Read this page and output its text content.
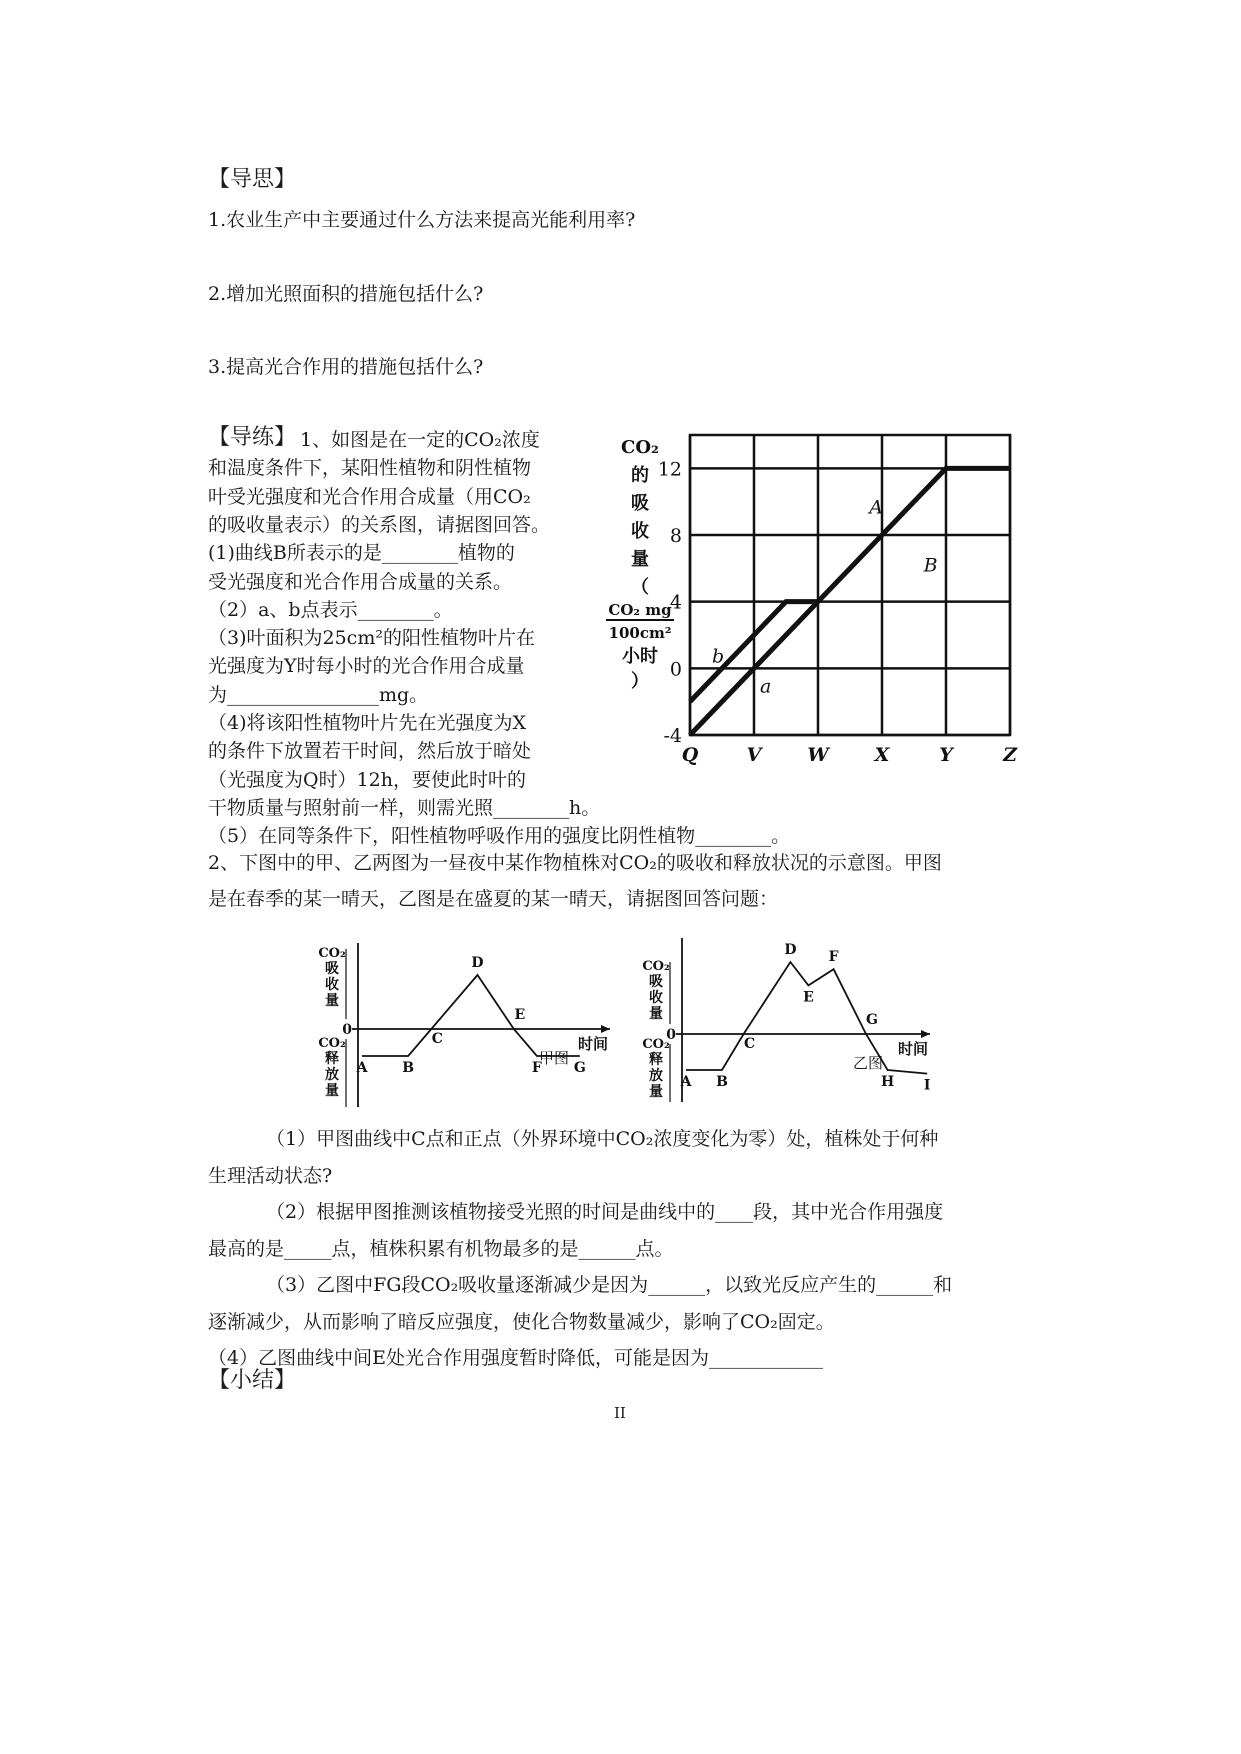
【导思】
1.农业生产中主要通过什么方法来提高光能利用率?
2.增加光照面积的措施包括什么?
3.提高光合作用的措施包括什么?
【导练】 1、如图是在一定的CO₂浓度
和温度条件下，某阳性植物和阴性植物
叶受光强度和光合作用合成量（用CO₂
的吸收量表示）的关系图，请据图回答。
(1)曲线B所表示的是________植物的
受光强度和光合作用合成量的关系。
（2）a、b点表示________。
（3)叶面积为25cm²的阳性植物叶片在
光强度为Y时每小时的光合作用合成量
为________________mg。
（4)将该阳性植物叶片先在光强度为X
的条件下放置若干时间，然后放于暗处
（光强度为Q时）12h，要使此时叶的
干物质量与照射前一样，则需光照________h。
（5）在同等条件下，阳性植物呼吸作用的强度比阴性植物________。
12
8
4
0
-4
Q	V W X	Y	Z
A
B
b
a
CO₂
的
吸
收
量
（
CO₂ mg
100cm²
小时
）
2、下图中的甲、乙两图为一昼夜中某作物植株对CO₂的吸收和释放状况的示意图。甲图
是在春季的某一晴天，乙图是在盛夏的某一晴天，请据图回答问题：
CO₂
吸
收
量
CO₂
释
放
量
0
时间
A B
C
D
E
F G
甲图
CO₂
吸
收
量
CO₂
释
放
量
0
时间
A B
C
D
E
F
G
H I
乙图
（1）甲图曲线中C点和正点（外界环境中CO₂浓度变化为零）处，植株处于何种
生理活动状态?
（2）根据甲图推测该植物接受光照的时间是曲线中的____段，其中光合作用强度
最高的是_____点，植株积累有机物最多的是______点。
（3）乙图中FG段CO₂吸收量逐渐减少是因为______，以致光反应产生的______和
逐渐减少，从而影响了暗反应强度，使化合物数量减少，影响了CO₂固定。
（4）乙图曲线中间E处光合作用强度暂时降低，可能是因为____________
【小结】
II
